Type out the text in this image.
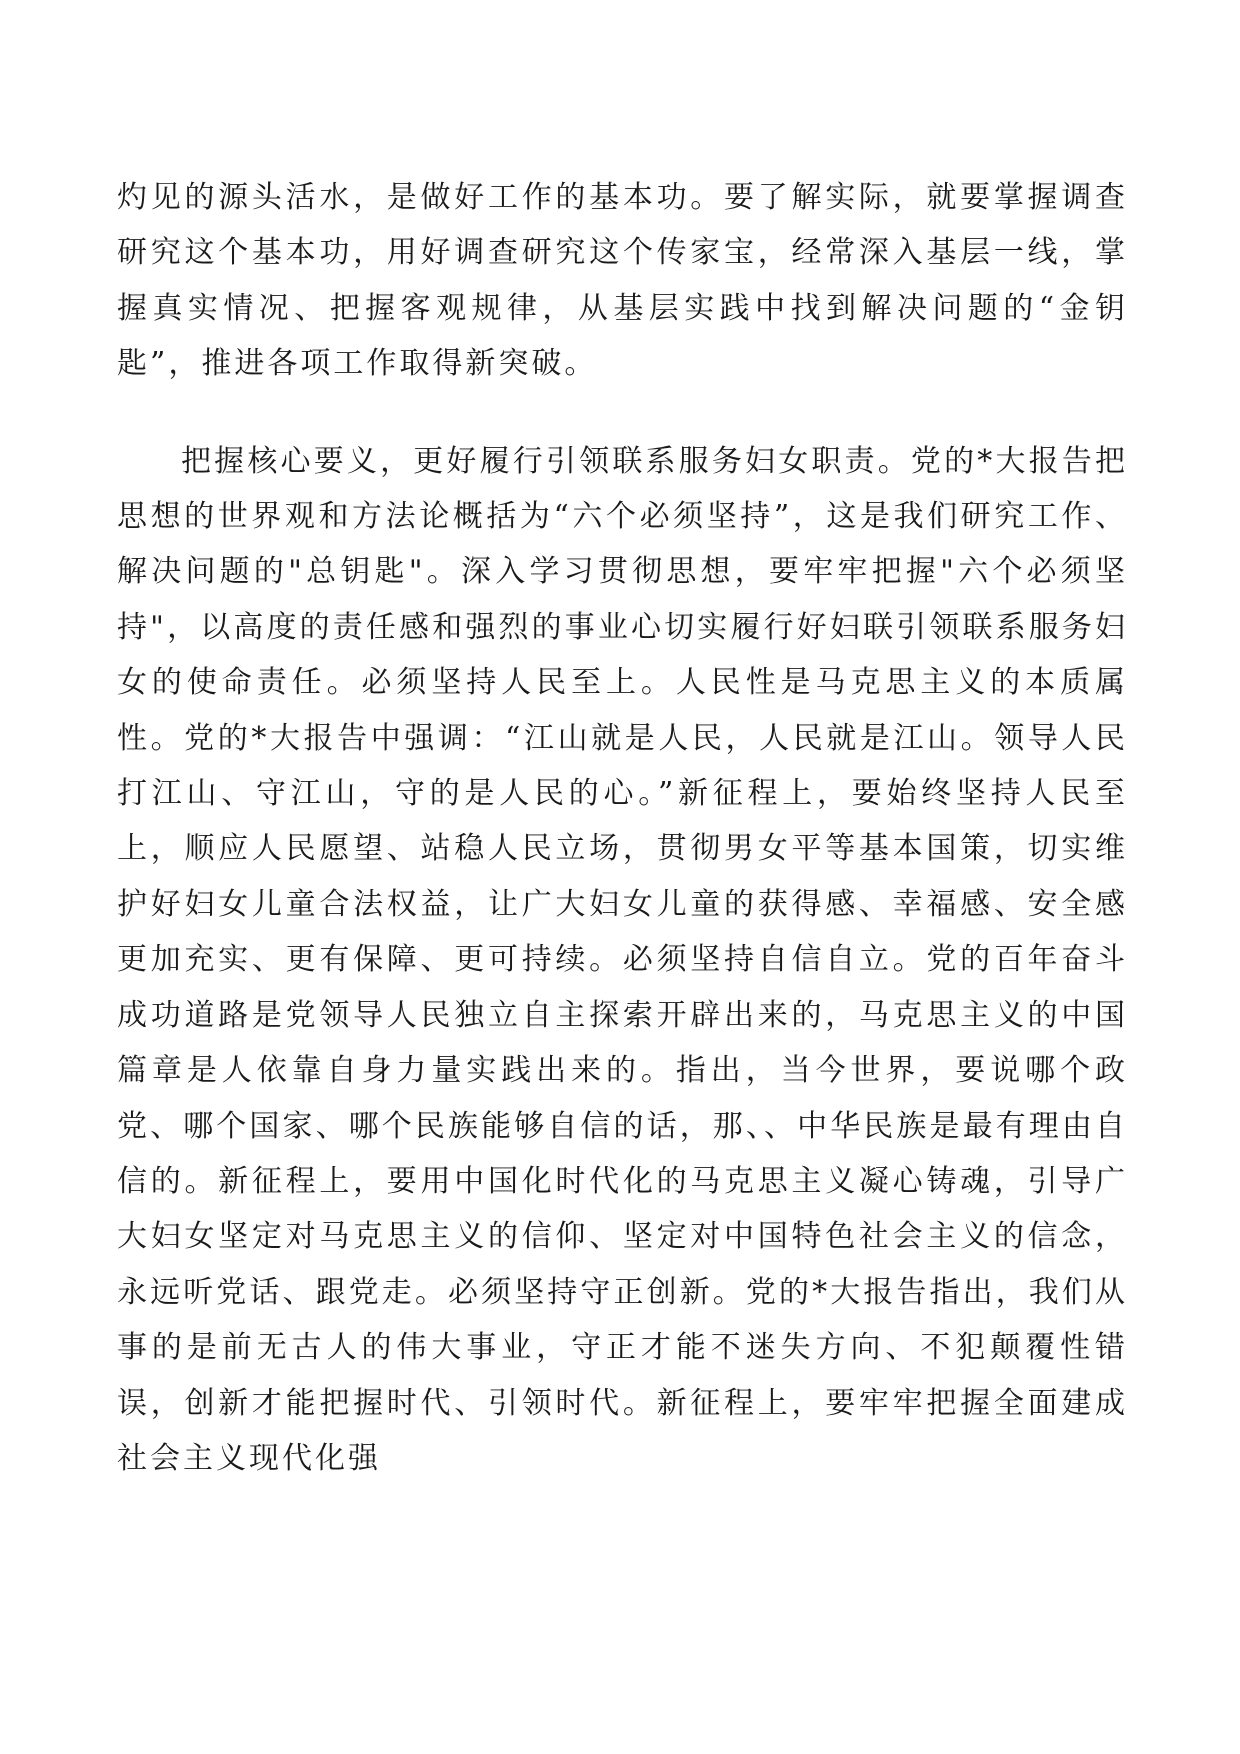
灼见的源头活水，是做好工作的基本功。要了解实际，就要掌握调查研究这个基本功，用好调查研究这个传家宝，经常深入基层一线，掌握真实情况、把握客观规律，从基层实践中找到解决问题的“金钥匙”，推进各项工作取得新突破。

把握核心要义，更好履行引领联系服务妇女职责。党的*大报告把思想的世界观和方法论概括为“六个必须坚持”，这是我们研究工作、解决问题的"总钥匙"。深入学习贯彻思想，要牢牢把握"六个必须坚持"，以高度的责任感和强烈的事业心切实履行好妇联引领联系服务妇女的使命责任。必须坚持人民至上。人民性是马克思主义的本质属性。党的*大报告中强调：“江山就是人民，人民就是江山。领导人民打江山、守江山，守的是人民的心。”新征程上，要始终坚持人民至上，顺应人民愿望、站稳人民立场，贯彻男女平等基本国策，切实维护好妇女儿童合法权益，让广大妇女儿童的获得感、幸福感、安全感更加充实、更有保障、更可持续。必须坚持自信自立。党的百年奋斗成功道路是党领导人民独立自主探索开辟出来的，马克思主义的中国篇章是人依靠自身力量实践出来的。指出，当今世界，要说哪个政党、哪个国家、哪个民族能够自信的话，那、、中华民族是最有理由自信的。新征程上，要用中国化时代化的马克思主义凝心铸魂，引导广大妇女坚定对马克思主义的信仰、坚定对中国特色社会主义的信念，永远听党话、跟党走。必须坚持守正创新。党的*大报告指出，我们从事的是前无古人的伟大事业，守正才能不迷失方向、不犯颠覆性错误，创新才能把握时代、引领时代。新征程上，要牢牢把握全面建成社会主义现代化强
